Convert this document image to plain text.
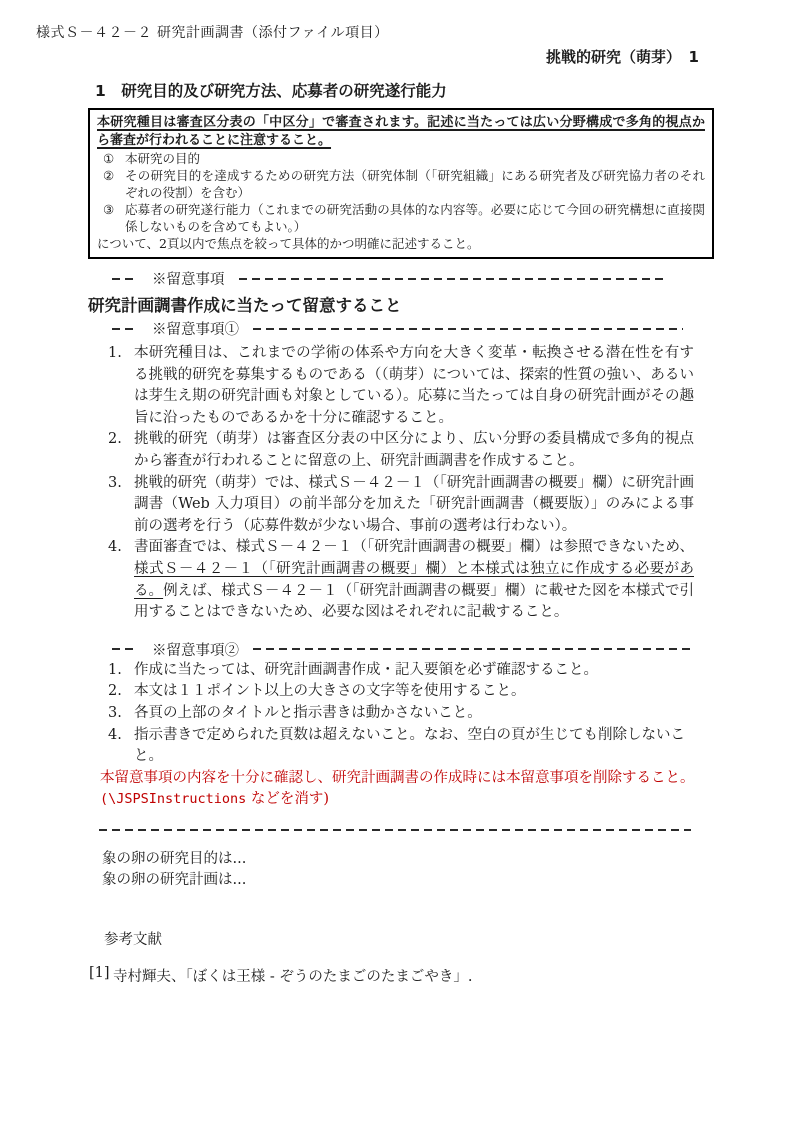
様式Ｓ－４２－２ 研究計画調書（添付ファイル項目）
挑戦的研究（萌芽）　1
1　研究目的及び研究方法、応募者の研究遂行能力
本研究種目は審査区分表の「中区分」で審査されます。記述に当たっては広い分野構成で多角的視点から審査が行われることに注意すること。
① 本研究の目的
② その研究目的を達成するための研究方法（研究体制（「研究組織」にある研究者及び研究協力者のそれぞれの役割）を含む）
③ 応募者の研究遂行能力（これまでの研究活動の具体的な内容等。必要に応じて今回の研究構想に直接関係しないものを含めてもよい。）
について、2頁以内で焦点を絞って具体的かつ明確に記述すること。
※留意事項
研究計画調書作成に当たって留意すること
※留意事項①
1. 本研究種目は、これまでの学術の体系や方向を大きく変革・転換させる潜在性を有する挑戦的研究を募集するものである（（萌芽）については、探索的性質の強い、あるいは芽生え期の研究計画も対象としている）。応募に当たっては自身の研究計画がその趣旨に沿ったものであるかを十分に確認すること。
2. 挑戦的研究（萌芽）は審査区分表の中区分により、広い分野の委員構成で多角的視点から審査が行われることに留意の上、研究計画調書を作成すること。
3. 挑戦的研究（萌芽）では、様式Ｓ－４２－１（「研究計画調書の概要」欄）に研究計画調書（Web 入力項目）の前半部分を加えた「研究計画調書（概要版）」のみによる事前の選考を行う（応募件数が少ない場合、事前の選考は行わない）。
4. 書面審査では、様式Ｓ－４２－１（「研究計画調書の概要」欄）は参照できないため、様式Ｓ－４２－１（「研究計画調書の概要」欄）と本様式は独立に作成する必要がある。例えば、様式Ｓ－４２－１（「研究計画調書の概要」欄）に載せた図を本様式で引用することはできないため、必要な図はそれぞれに記載すること。
※留意事項②
1. 作成に当たっては、研究計画調書作成・記入要領を必ず確認すること。
2. 本文は１１ポイント以上の大きさの文字等を使用すること。
3. 各頁の上部のタイトルと指示書きは動かさないこと。
4. 指示書きで定められた頁数は超えないこと。なお、空白の頁が生じても削除しないこと。
本留意事項の内容を十分に確認し、研究計画調書の作成時には本留意事項を削除すること。
(\JSPSInstructions などを消す)
象の卵の研究目的は...
象の卵の研究計画は...
参考文献
[1] 寺村輝夫、「ぼくは王様 - ぞうのたまごのたまごやき」.
